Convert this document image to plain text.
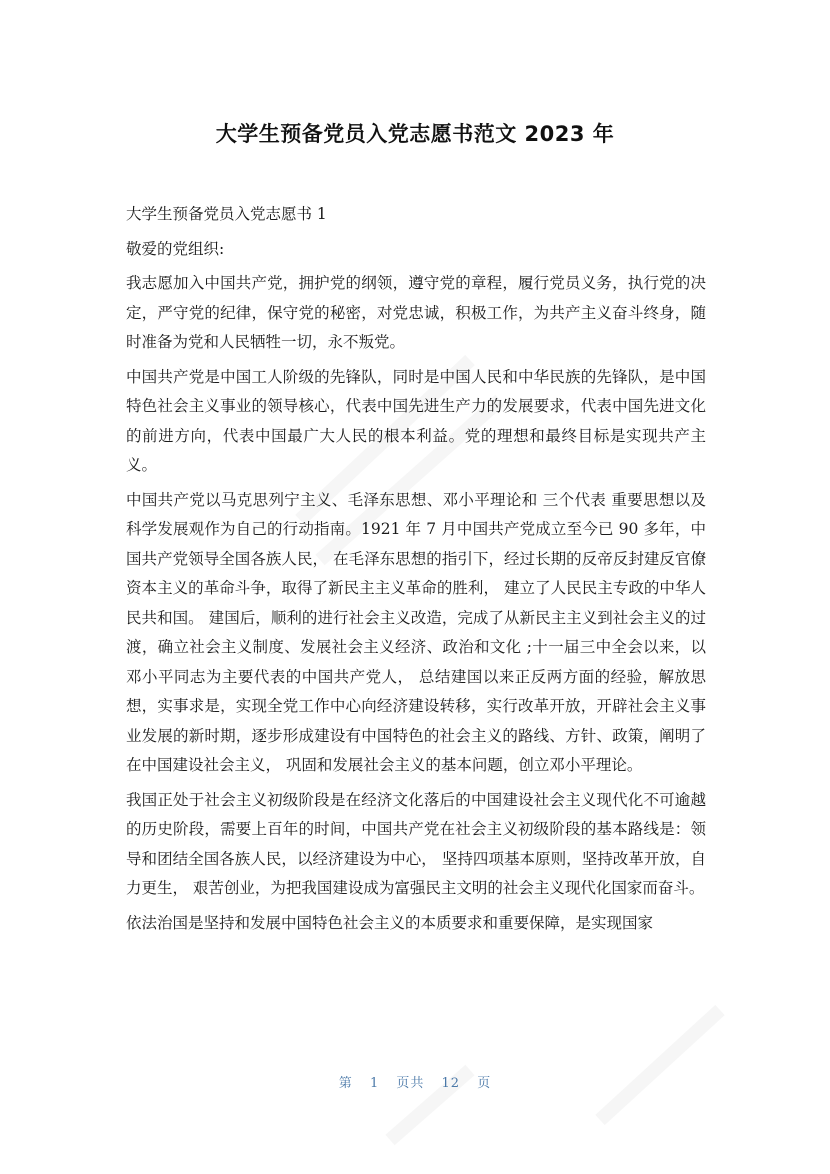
大学生预备党员入党志愿书范文 2023 年

大学生预备党员入党志愿书 1

敬爱的党组织:

我志愿加入中国共产党，拥护党的纲领，遵守党的章程，履行党员义务，执行党的决定，严守党的纪律，保守党的秘密，对党忠诚，积极工作，为共产主义奋斗终身，随时准备为党和人民牺牲一切，永不叛党。

中国共产党是中国工人阶级的先锋队，同时是中国人民和中华民族的先锋队，是中国特色社会主义事业的领导核心，代表中国先进生产力的发展要求，代表中国先进文化的前进方向，代表中国最广大人民的根本利益。党的理想和最终目标是实现共产主义。

中国共产党以马克思列宁主义、毛泽东思想、邓小平理论和 三个代表 重要思想以及科学发展观作为自己的行动指南。1921 年 7 月中国共产党成立至今已 90 多年，中国共产党领导全国各族人民， 在毛泽东思想的指引下，经过长期的反帝反封建反官僚资本主义的革命斗争，取得了新民主主义革命的胜利， 建立了人民民主专政的中华人民共和国。 建国后，顺利的进行社会主义改造，完成了从新民主主义到社会主义的过渡，确立社会主义制度、发展社会主义经济、政治和文化 ;十一届三中全会以来，以邓小平同志为主要代表的中国共产党人， 总结建国以来正反两方面的经验，解放思想，实事求是，实现全党工作中心向经济建设转移，实行改革开放，开辟社会主义事业发展的新时期，逐步形成建设有中国特色的社会主义的路线、方针、政策，阐明了在中国建设社会主义， 巩固和发展社会主义的基本问题，创立邓小平理论。

我国正处于社会主义初级阶段是在经济文化落后的中国建设社会主义现代化不可逾越的历史阶段，需要上百年的时间，中国共产党在社会主义初级阶段的基本路线是：领导和团结全国各族人民，以经济建设为中心， 坚持四项基本原则，坚持改革开放，自力更生， 艰苦创业，为把我国建设成为富强民主文明的社会主义现代化国家而奋斗。

依法治国是坚持和发展中国特色社会主义的本质要求和重要保障，是实现国家

第 1 页共 12 页
